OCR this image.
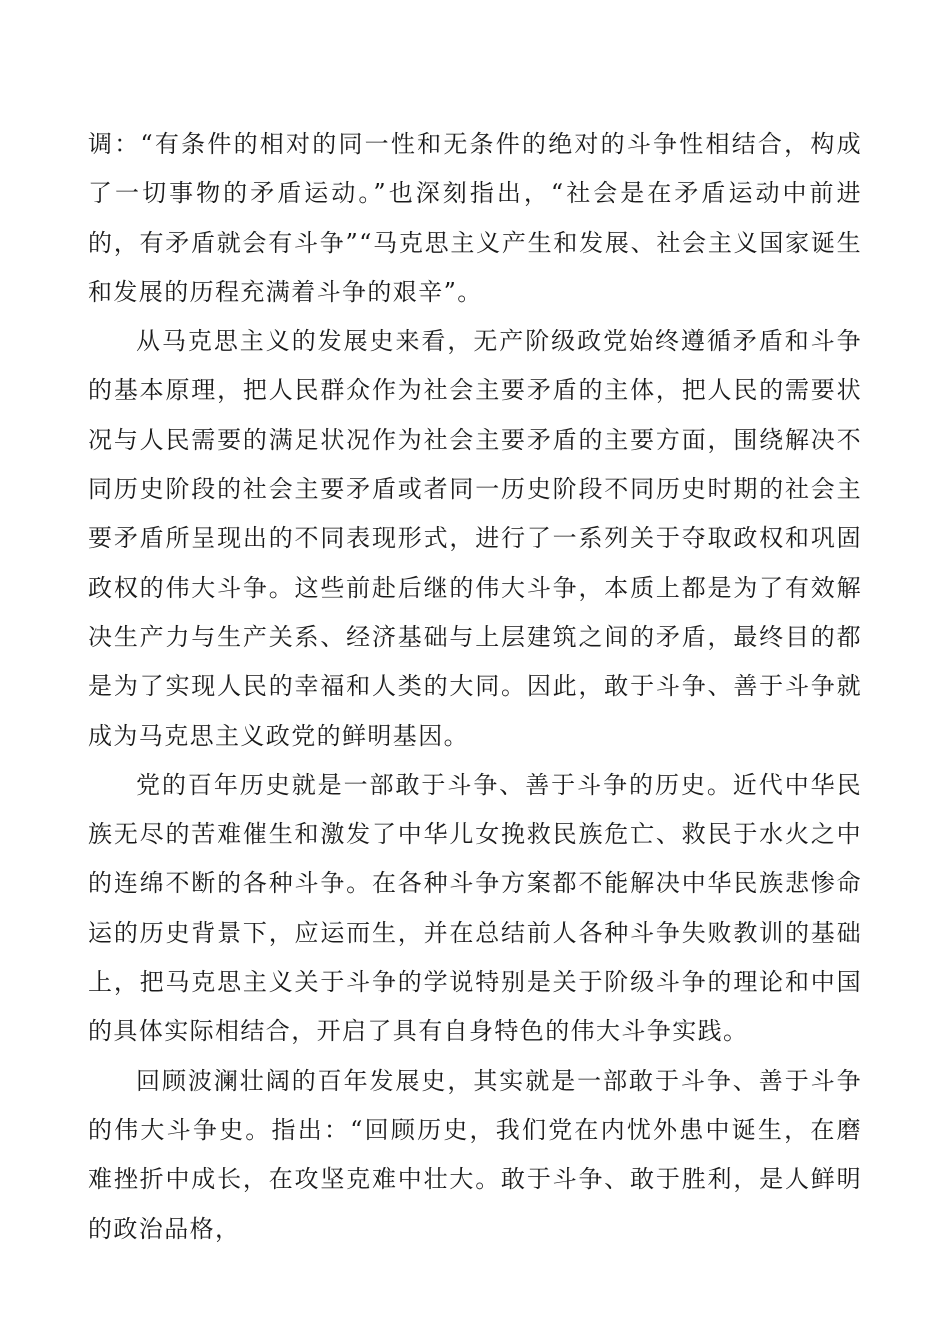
调：“有条件的相对的同一性和无条件的绝对的斗争性相结合，构成了一切事物的矛盾运动。”也深刻指出，“社会是在矛盾运动中前进的，有矛盾就会有斗争”“马克思主义产生和发展、社会主义国家诞生和发展的历程充满着斗争的艰辛”。

从马克思主义的发展史来看，无产阶级政党始终遵循矛盾和斗争的基本原理，把人民群众作为社会主要矛盾的主体，把人民的需要状况与人民需要的满足状况作为社会主要矛盾的主要方面，围绕解决不同历史阶段的社会主要矛盾或者同一历史阶段不同历史时期的社会主要矛盾所呈现出的不同表现形式，进行了一系列关于夺取政权和巩固政权的伟大斗争。这些前赴后继的伟大斗争，本质上都是为了有效解决生产力与生产关系、经济基础与上层建筑之间的矛盾，最终目的都是为了实现人民的幸福和人类的大同。因此，敢于斗争、善于斗争就成为马克思主义政党的鲜明基因。

党的百年历史就是一部敢于斗争、善于斗争的历史。近代中华民族无尽的苦难催生和激发了中华儿女挽救民族危亡、救民于水火之中的连绵不断的各种斗争。在各种斗争方案都不能解决中华民族悲惨命运的历史背景下，应运而生，并在总结前人各种斗争失败教训的基础上，把马克思主义关于斗争的学说特别是关于阶级斗争的理论和中国的具体实际相结合，开启了具有自身特色的伟大斗争实践。

回顾波澜壮阔的百年发展史，其实就是一部敢于斗争、善于斗争的伟大斗争史。指出：“回顾历史，我们党在内忧外患中诞生，在磨难挫折中成长，在攻坚克难中壮大。敢于斗争、敢于胜利，是人鲜明的政治品格，
